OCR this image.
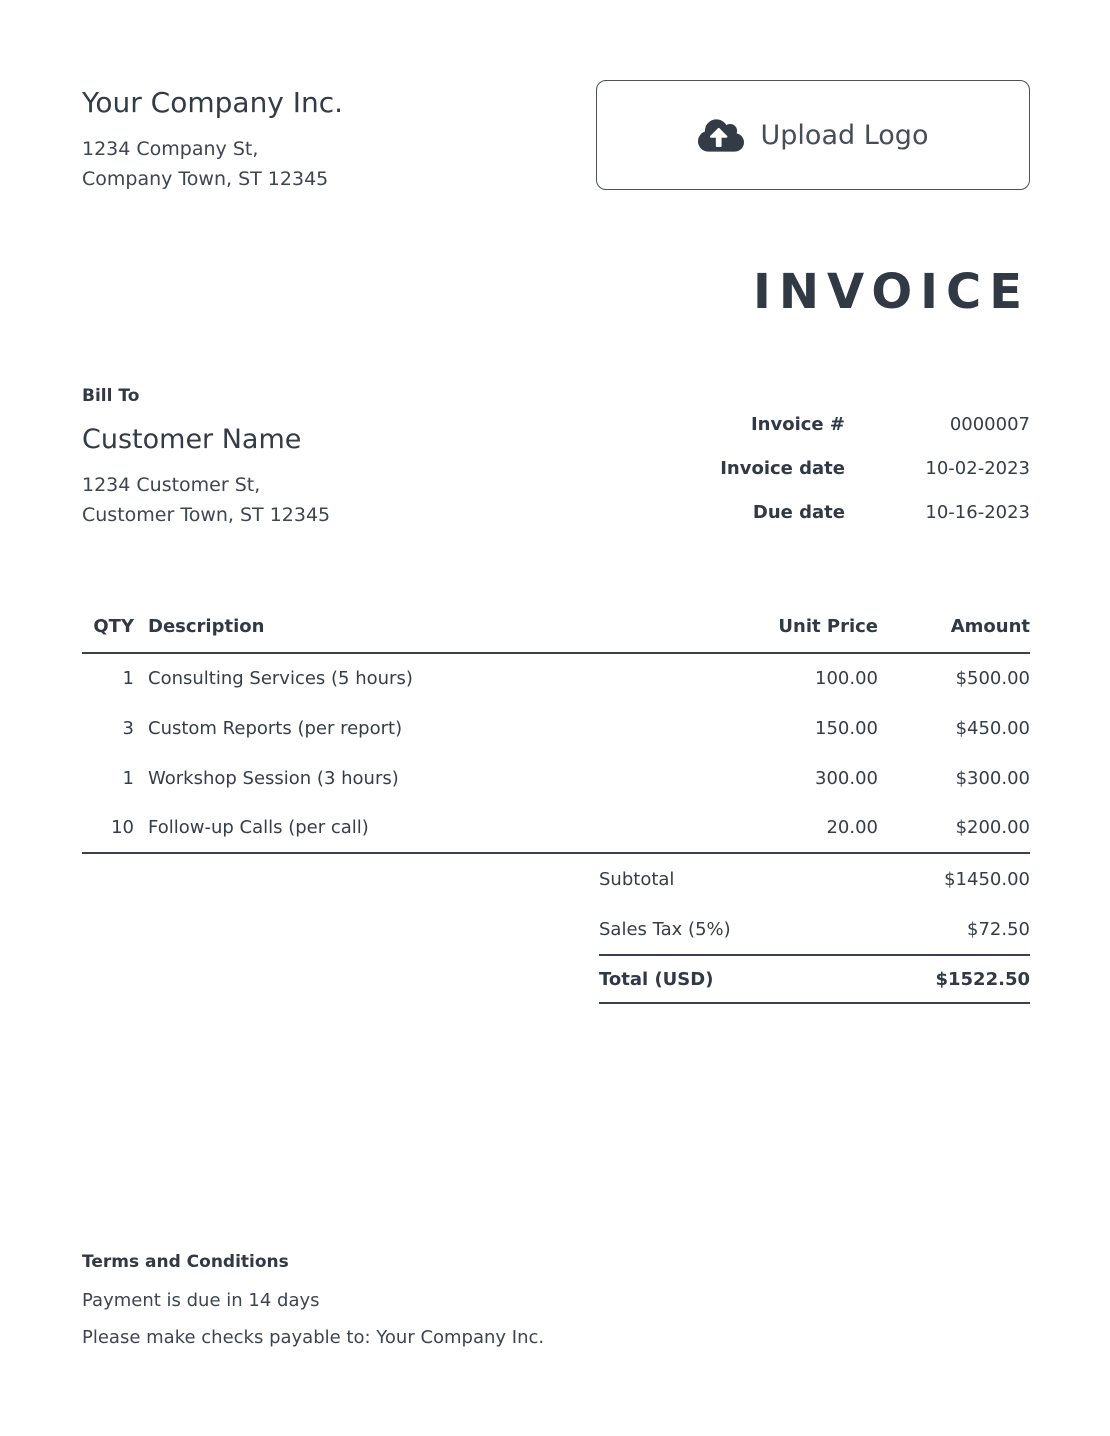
Your Company Inc.
1234 Company St,
Company Town, ST 12345
Upload Logo
INVOICE
Bill To
Customer Name
1234 Customer St,
Customer Town, ST 12345
Invoice #	0000007
Invoice date	10-02-2023
Due date	10-16-2023
QTY	Description	Unit Price	Amount
1	Consulting Services (5 hours)	100.00	$500.00
3	Custom Reports (per report)	150.00	$450.00
1	Workshop Session (3 hours)	300.00	$300.00
10	Follow-up Calls (per call)	20.00	$200.00
Subtotal	$1450.00
Sales Tax (5%)	$72.50
Total (USD)	$1522.50
Terms and Conditions
Payment is due in 14 days
Please make checks payable to: Your Company Inc.
